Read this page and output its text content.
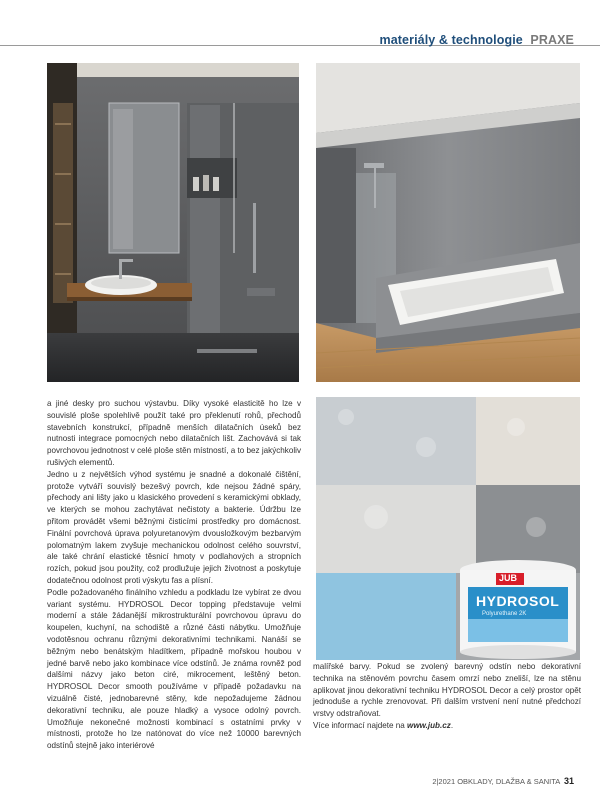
materiály & technologie PRAXE
JUB
HYDROSOL
Polyurethane 2K

a jiné desky pro suchou výstavbu. Díky vysoké elasticitě ho lze v souvislé ploše spolehlivě použít také pro překlenutí rohů, přechodů stavebních konstrukcí, případně menších dilatačních úseků bez nutnosti integrace pomocných nebo dilatačních lišt. Zachovává si tak povrchovou jednotnost v celé ploše stěn místností, a to bez jakýchkoliv rušivých elementů.

Jedno u z největších výhod systému je snadné a dokonalé čištění, protože vytváří souvislý bezešvý povrch, kde nejsou žádné spáry, přechody ani lišty jako u klasického provedení s keramickými obklady, ve kterých se mohou zachytávat nečistoty a bakterie. Údržbu lze přitom provádět všemi běžnými čisticími prostředky pro domácnost. Finální povrchová úprava polyuretanovým dvousložkovým bezbarvým polomatným lakem zvyšuje mechanickou odolnost celého souvrství, ale také chrání elastické těsnicí hmoty v podlahových a stropních rozích, pokud jsou použity, což prodlužuje jejich životnost a poskytuje dodatečnou odolnost proti výskytu fas a plísní.

Podle požadovaného finálního vzhledu a podkladu lze vybírat ze dvou variant systému. HYDROSOL Decor topping představuje velmi moderní a stále žádanější mikrostrukturální povrchovou úpravu do koupelen, kuchyní, na schodiště a různé části nábytku. Umožňuje vodotěsnou ochranu různými dekorativními technikami. Nanáší se běžným nebo benátským hladítkem, případně mořskou houbou v jedné barvě nebo jako kombinace více odstínů. Je známa rovněž pod dalšími názvy jako beton ciré, mikrocement, leštěný beton. HYDROSOL Decor smooth používáme v případě požadavku na vizuálně čisté, jednobarevné stěny, kde nepožadujeme žádnou dekorativní techniku, ale pouze hladký a vysoce odolný povrch. Umožňuje nekonečné možnosti kombinací s ostatními prvky v místnosti, protože ho lze natónovat do více než 10000 barevných odstínů stejně jako interiérové

malířské barvy. Pokud se zvolený barevný odstín nebo dekorativní technika na stěnovém povrchu časem omrzí nebo zneliší, lze na stěnu aplikovat jinou dekorativní techniku HYDROSOL Decor a celý prostor opět jednoduše a rychle zrenovovat. Při dalším vrstvení není nutné předchozí vrstvy odstraňovat.

Více informací najdete na www.jub.cz.

2|2021 OBKLADY, DLAŽBA & SANITA 31
